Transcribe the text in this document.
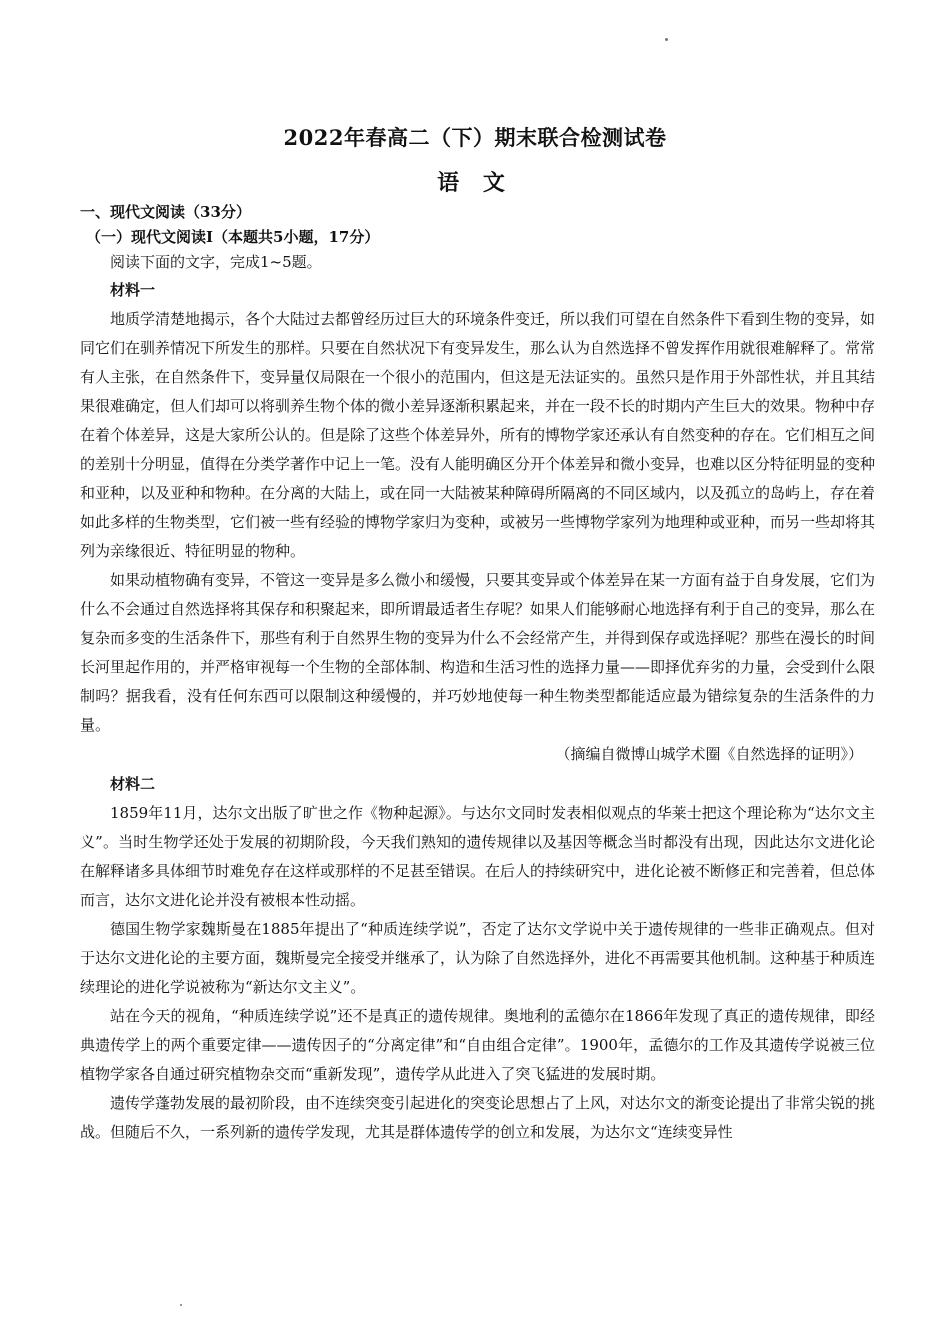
2022年春高二（下）期末联合检测试卷
语 文

一、现代文阅读（33分）

（一）现代文阅读Ⅰ（本题共5小题，17分）

阅读下面的文字，完成1~5题。

材料一

地质学清楚地揭示，各个大陆过去都曾经历过巨大的环境条件变迁，所以我们可望在自然条件下看到生物的变异，如同它们在驯养情况下所发生的那样。只要在自然状况下有变异发生，那么认为自然选择不曾发挥作用就很难解释了。常常有人主张，在自然条件下，变异量仅局限在一个很小的范围内，但这是无法证实的。虽然只是作用于外部性状，并且其结果很难确定，但人们却可以将驯养生物个体的微小差异逐渐积累起来，并在一段不长的时期内产生巨大的效果。物种中存在着个体差异，这是大家所公认的。但是除了这些个体差异外，所有的博物学家还承认有自然变种的存在。它们相互之间的差别十分明显，值得在分类学著作中记上一笔。没有人能明确区分开个体差异和微小变异，也难以区分特征明显的变种和亚种，以及亚种和物种。在分离的大陆上，或在同一大陆被某种障碍所隔离的不同区域内，以及孤立的岛屿上，存在着如此多样的生物类型，它们被一些有经验的博物学家归为变种，或被另一些博物学家列为地理种或亚种，而另一些却将其列为亲缘很近、特征明显的物种。

如果动植物确有变异，不管这一变异是多么微小和缓慢，只要其变异或个体差异在某一方面有益于自身发展，它们为什么不会通过自然选择将其保存和积聚起来，即所谓最适者生存呢？如果人们能够耐心地选择有利于自己的变异，那么在复杂而多变的生活条件下，那些有利于自然界生物的变异为什么不会经常产生，并得到保存或选择呢？那些在漫长的时间长河里起作用的，并严格审视每一个生物的全部体制、构造和生活习性的选择力量——即择优弃劣的力量，会受到什么限制吗？据我看，没有任何东西可以限制这种缓慢的，并巧妙地使每一种生物类型都能适应最为错综复杂的生活条件的力量。

（摘编自微博山城学术圈《自然选择的证明》）

材料二

1859年11月，达尔文出版了旷世之作《物种起源》。与达尔文同时发表相似观点的华莱士把这个理论称为“达尔文主义”。当时生物学还处于发展的初期阶段，今天我们熟知的遗传规律以及基因等概念当时都没有出现，因此达尔文进化论在解释诸多具体细节时难免存在这样或那样的不足甚至错误。在后人的持续研究中，进化论被不断修正和完善着，但总体而言，达尔文进化论并没有被根本性动摇。

德国生物学家魏斯曼在1885年提出了“种质连续学说”，否定了达尔文学说中关于遗传规律的一些非正确观点。但对于达尔文进化论的主要方面，魏斯曼完全接受并继承了，认为除了自然选择外，进化不再需要其他机制。这种基于种质连续理论的进化学说被称为“新达尔文主义”。

站在今天的视角，“种质连续学说”还不是真正的遗传规律。奥地利的孟德尔在1866年发现了真正的遗传规律，即经典遗传学上的两个重要定律——遗传因子的“分离定律”和“自由组合定律”。1900年，孟德尔的工作及其遗传学说被三位植物学家各自通过研究植物杂交而“重新发现”，遗传学从此进入了突飞猛进的发展时期。

遗传学蓬勃发展的最初阶段，由不连续突变引起进化的突变论思想占了上风，对达尔文的渐变论提出了非常尖锐的挑战。但随后不久，一系列新的遗传学发现，尤其是群体遗传学的创立和发展，为达尔文“连续变异性
